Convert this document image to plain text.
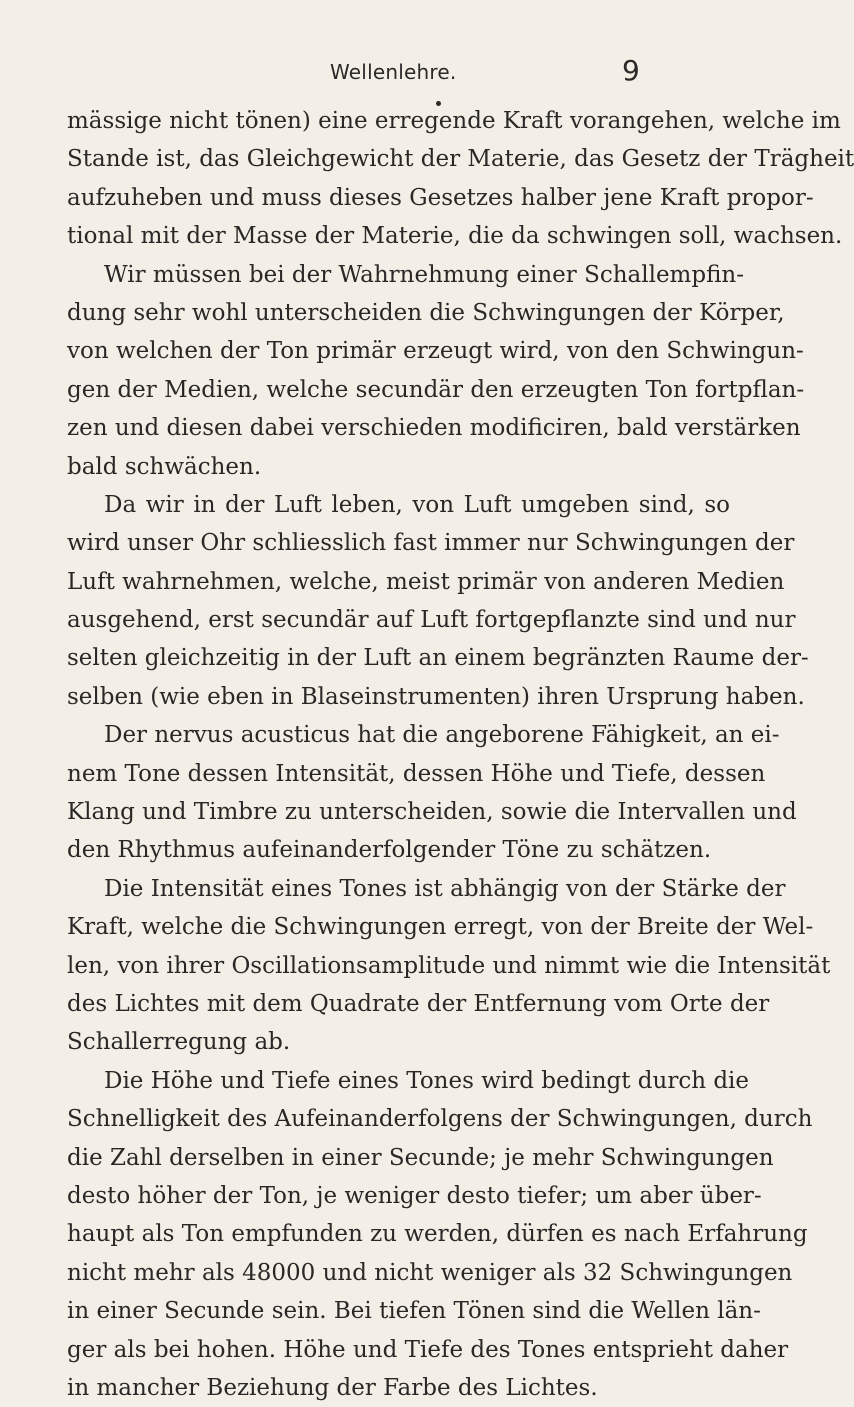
Wellenlehre.	9
mässige nicht tönen) eine erregende Kraft vorangehen, welche im
Stande ist, das Gleichgewicht der Materie, das Gesetz der Trägheit
aufzuheben und muss dieses Gesetzes halber jene Kraft propor-
tional mit der Masse der Materie, die da schwingen soll, wachsen.
Wir müssen bei der Wahrnehmung einer Schallempfin-
dung sehr wohl unterscheiden die Schwingungen der Körper,
von welchen der Ton primär erzeugt wird, von den Schwingun-
gen der Medien, welche secundär den erzeugten Ton fortpflan-
zen und diesen dabei verschieden modificiren, bald verstärken
bald schwächen.
Da wir in der Luft leben, von Luft umgeben sind, so
wird unser Ohr schliesslich fast immer nur Schwingungen der
Luft wahrnehmen, welche, meist primär von anderen Medien
ausgehend, erst secundär auf Luft fortgepflanzte sind und nur
selten gleichzeitig in der Luft an einem begränzten Raume der-
selben (wie eben in Blaseinstrumenten) ihren Ursprung haben.
Der nervus acusticus hat die angeborene Fähigkeit, an ei-
nem Tone dessen Intensität, dessen Höhe und Tiefe, dessen
Klang und Timbre zu unterscheiden, sowie die Intervallen und
den Rhythmus aufeinanderfolgender Töne zu schätzen.
Die Intensität eines Tones ist abhängig von der Stärke der
Kraft, welche die Schwingungen erregt, von der Breite der Wel-
len, von ihrer Oscillationsamplitude und nimmt wie die Intensität
des Lichtes mit dem Quadrate der Entfernung vom Orte der
Schallerregung ab.
Die Höhe und Tiefe eines Tones wird bedingt durch die
Schnelligkeit des Aufeinanderfolgens der Schwingungen, durch
die Zahl derselben in einer Secunde; je mehr Schwingungen
desto höher der Ton, je weniger desto tiefer; um aber über-
haupt als Ton empfunden zu werden, dürfen es nach Erfahrung
nicht mehr als 48000 und nicht weniger als 32 Schwingungen
in einer Secunde sein. Bei tiefen Tönen sind die Wellen län-
ger als bei hohen. Höhe und Tiefe des Tones entsprieht daher
in mancher Beziehung der Farbe des Lichtes.
